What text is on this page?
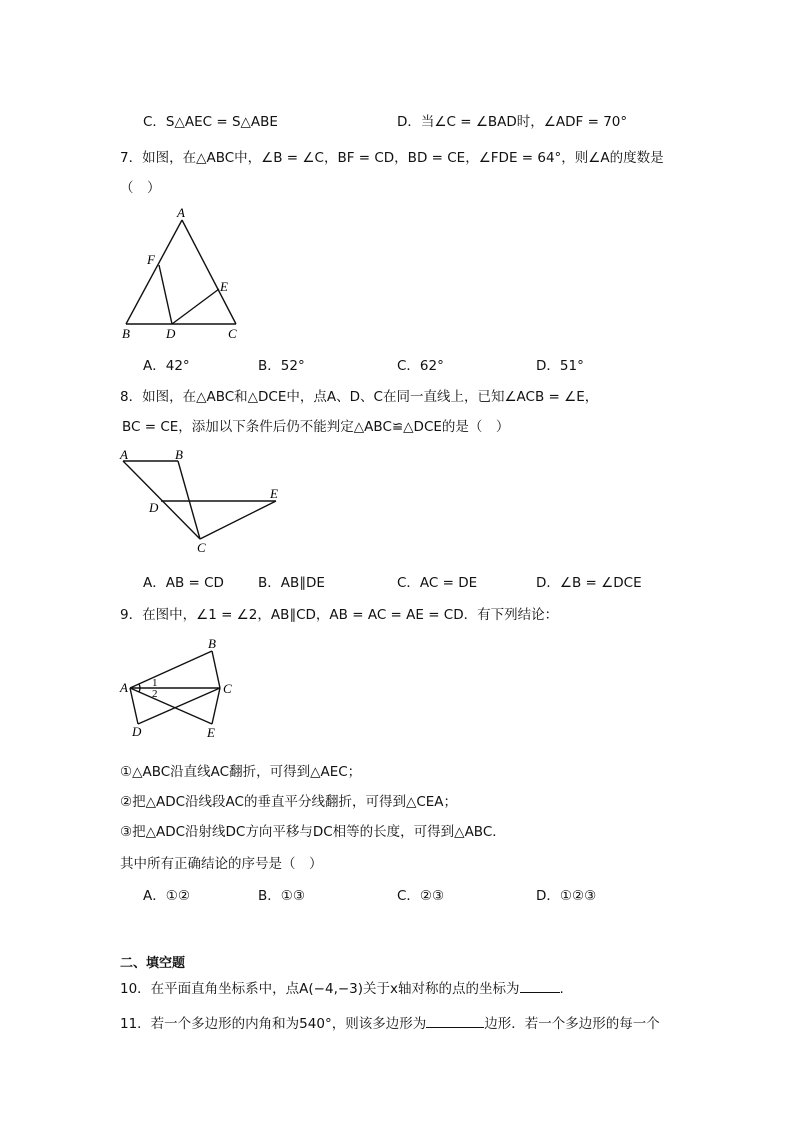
C．S△AEC = S△ABE	D．当∠C = ∠BAD时，∠ADF = 70°
7．如图，在△ABC中，∠B = ∠C，BF = CD，BD = CE，∠FDE = 64°，则∠A的度数是
（　）
A
F
E
B	D	C
A．42°	B．52°	C．62°	D．51°
8．如图，在△ABC和△DCE中，点A、D、C在同一直线上，已知∠ACB = ∠E，
BC = CE，添加以下条件后仍不能判定△ABC≌△DCE的是（　）
A	B
D
E
C
A．AB = CD	B．AB∥DE	C．AC = DE	D．∠B = ∠DCE
9．在图中，∠1 = ∠2，AB∥CD，AB = AC = AE = CD．有下列结论：
A
B
C
D	E
1
2
①△ABC沿直线AC翻折，可得到△AEC；
②把△ADC沿线段AC的垂直平分线翻折，可得到△CEA；
③把△ADC沿射线DC方向平移与DC相等的长度，可得到△ABC．
其中所有正确结论的序号是（　）
A．①②	B．①③	C．②③	D．①②③
二、填空题
10．在平面直角坐标系中，点A(−4,−3)关于x轴对称的点的坐标为	.
11．若一个多边形的内角和为540°，则该多边形为	边形．若一个多边形的每一个
